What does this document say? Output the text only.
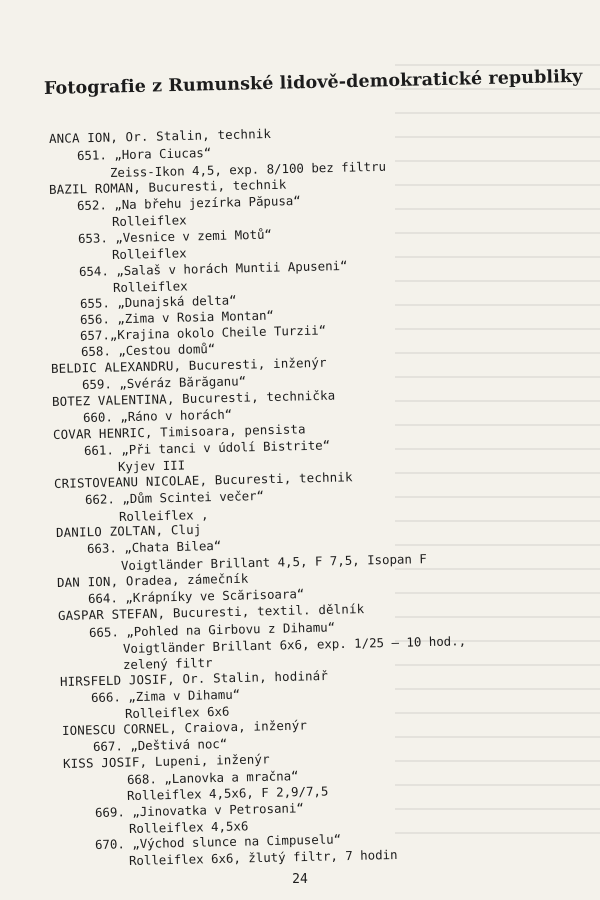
Fotografie z Rumunské lidově-demokratické republiky
ANCA ION, Or. Stalin, technik
651. „Hora Ciucas“
Zeiss-Ikon 4,5, exp. 8/100 bez filtru
BAZIL ROMAN, Bucuresti, technik
652. „Na břehu jezírka Păpusa“
Rolleiflex
653. „Vesnice v zemi Motů“
Rolleiflex
654. „Salaš v horách Muntii Apuseni“
Rolleiflex
655. „Dunajská delta“
656. „Zima v Rosia Montan“
657.„Krajina okolo Cheile Turzii“
658. „Cestou domů“
BELDIC ALEXANDRU, Bucuresti, inženýr
659. „Svéráz Bărăganu“
BOTEZ VALENTINA, Bucuresti, technička
660. „Ráno v horách“
COVAR HENRIC, Timisoara, pensista
661. „Při tanci v údolí Bistrite“
Kyjev III
CRISTOVEANU NICOLAE, Bucuresti, technik
662. „Dům Scintei večer“
Rolleiflex ,
DANILO ZOLTAN, Cluj
663. „Chata Bilea“
Voigtländer Brillant 4,5, F 7,5, Isopan F
DAN ION, Oradea, zámečník
664. „Krápníky ve Scărisoara“
GASPAR STEFAN, Bucuresti, textil. dělník
665. „Pohled na Girbovu z Dihamu“
Voigtländer Brillant 6x6, exp. 1/25 — 10 hod.,
zelený filtr
HIRSFELD JOSIF, Or. Stalin, hodinář
666. „Zima v Dihamu“
Rolleiflex 6x6
IONESCU CORNEL, Craiova, inženýr
667. „Deštivá noc“
KISS JOSIF, Lupeni, inženýr
668. „Lanovka a mračna“
Rolleiflex 4,5x6, F 2,9/7,5
669. „Jinovatka v Petrosani“
Rolleiflex 4,5x6
670. „Východ slunce na Cimpuselu“
Rolleiflex 6x6, žlutý filtr, 7 hodin
24
